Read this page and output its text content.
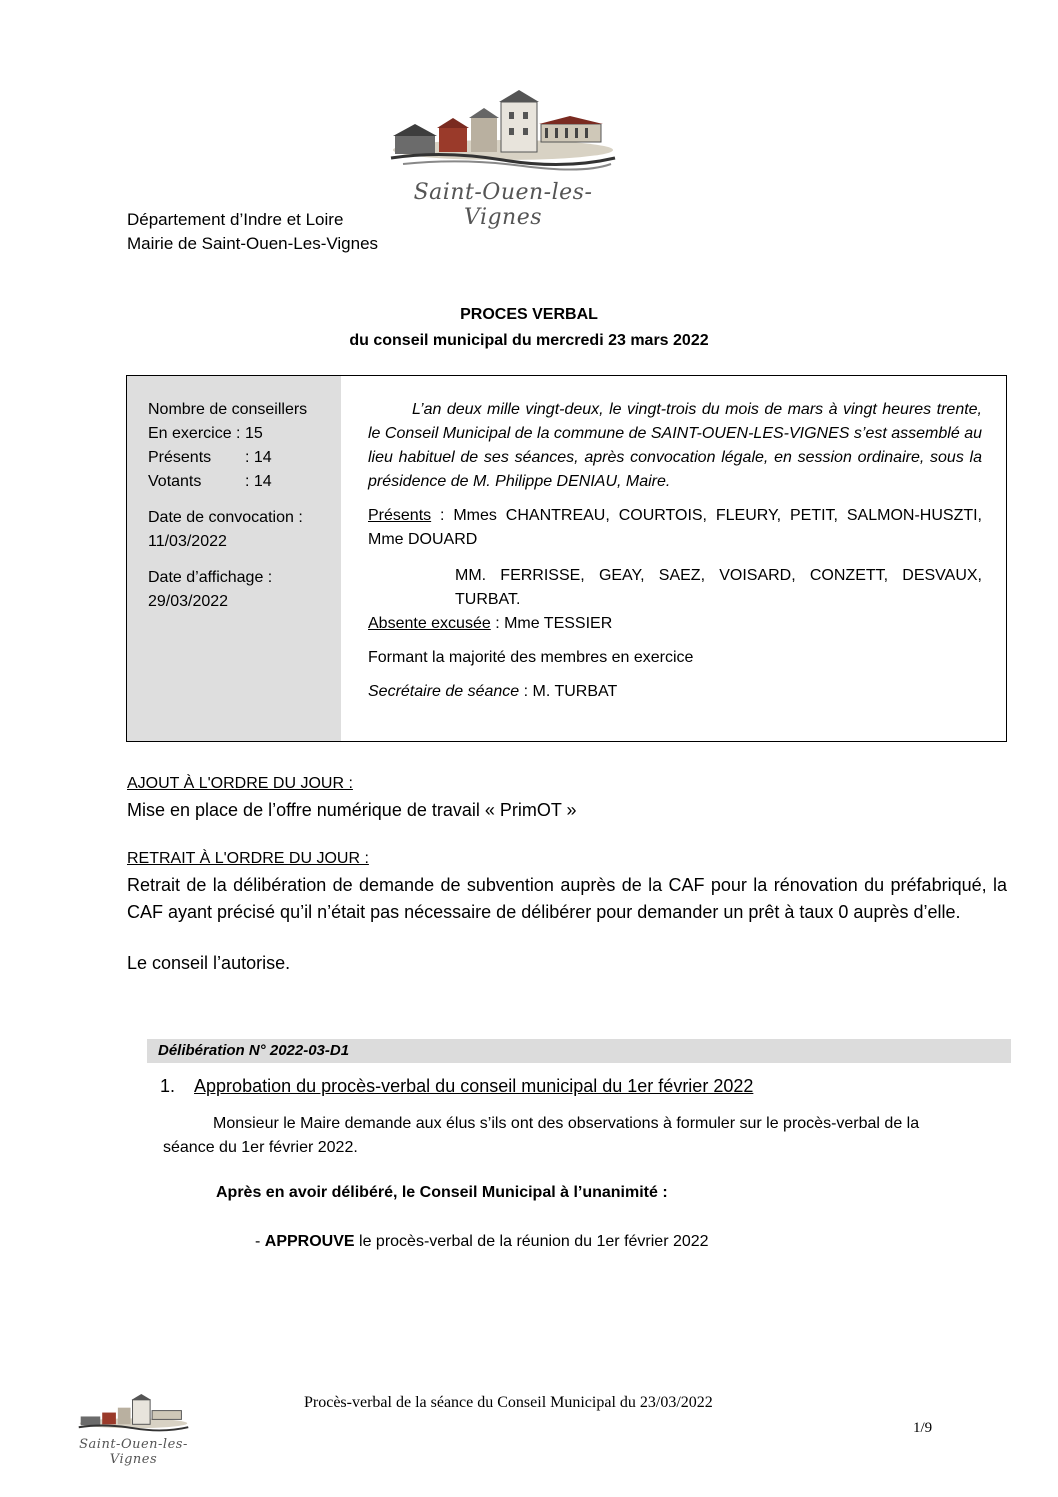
Saint-Ouen-les-Vignes
Département d’Indre et Loire
Mairie de Saint-Ouen-Les-Vignes
PROCES VERBAL
du conseil municipal du mercredi 23 mars 2022
Nombre de conseillers
En exercice : 15
Présents : 14
Votants	: 14
Date de convocation :
11/03/2022
Date d’affichage :
29/03/2022
L’an deux mille vingt-deux, le vingt-trois du mois de mars à vingt heures trente, le Conseil Municipal de la commune de SAINT-OUEN-LES-VIGNES s’est assemblé au lieu habituel de ses séances, après convocation légale, en session ordinaire, sous la présidence de M. Philippe DENIAU, Maire.
Présents : Mmes CHANTREAU, COURTOIS, FLEURY, PETIT, SALMON-HUSZTI, Mme DOUARD
MM. FERRISSE, GEAY, SAEZ, VOISARD, CONZETT, DESVAUX, TURBAT.
Absente excusée : Mme TESSIER
Formant la majorité des membres en exercice
Secrétaire de séance : M. TURBAT
AJOUT À L'ORDRE DU JOUR :
Mise en place de l’offre numérique de travail « PrimOT »
RETRAIT À L'ORDRE DU JOUR :
Retrait de la délibération de demande de subvention auprès de la CAF pour la rénovation du préfabriqué, la CAF ayant précisé qu’il n’était pas nécessaire de délibérer pour demander un prêt à taux 0 auprès d’elle.
Le conseil l’autorise.
Délibération N° 2022-03-D1
1. Approbation du procès-verbal du conseil municipal du 1er février 2022
Monsieur le Maire demande aux élus s’ils ont des observations à formuler sur le procès-verbal de la
séance du 1er février 2022.
Après en avoir délibéré, le Conseil Municipal à l’unanimité :
- APPROUVE le procès-verbal de la réunion du 1er février 2022
Saint-Ouen-les-Vignes
Procès-verbal de la séance du Conseil Municipal du 23/03/2022
1/9
